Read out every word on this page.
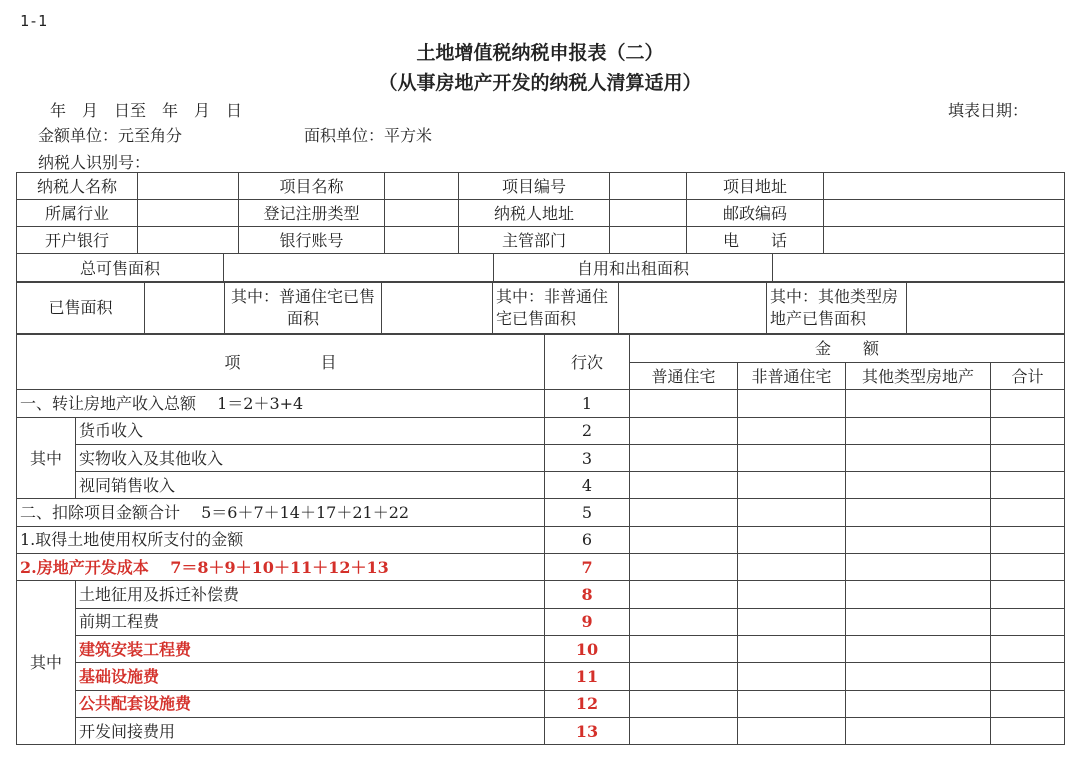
1-1
土地增值税纳税申报表（二）
（从事房地产开发的纳税人清算适用）
年　月　日至　年　月　日	填表日期：
金额单位：元至角分	面积单位：平方米
纳税人识别号：
纳税人名称		项目名称		项目编号		项目地址	
所属行业		登记注册类型		纳税人地址		邮政编码	
开户银行		银行账号		主管部门		电　　话	
总可售面积		自用和出租面积	
已售面积		其中：普通住宅已售面积		其中：非普通住宅已售面积		其中：其他类型房地产已售面积	
项　　　　　目		行次	金　　额			
			普通住宅	非普通住宅	其他类型房地产	合计
一、转让房地产收入总额　 1＝2＋3+4		1				
其中	货币收入	2				
	实物收入及其他收入	3				
	视同销售收入	4				
二、扣除项目金额合计　 5＝6＋7＋14＋17＋21＋22		5				
1.取得土地使用权所支付的金额		6				
2.房地产开发成本　 7＝8＋9＋10＋11＋12＋13		7				
其中	土地征用及拆迁补偿费	8				
	前期工程费	9				
	建筑安装工程费	10				
	基础设施费	11				
	公共配套设施费	12				
	开发间接费用	13				
